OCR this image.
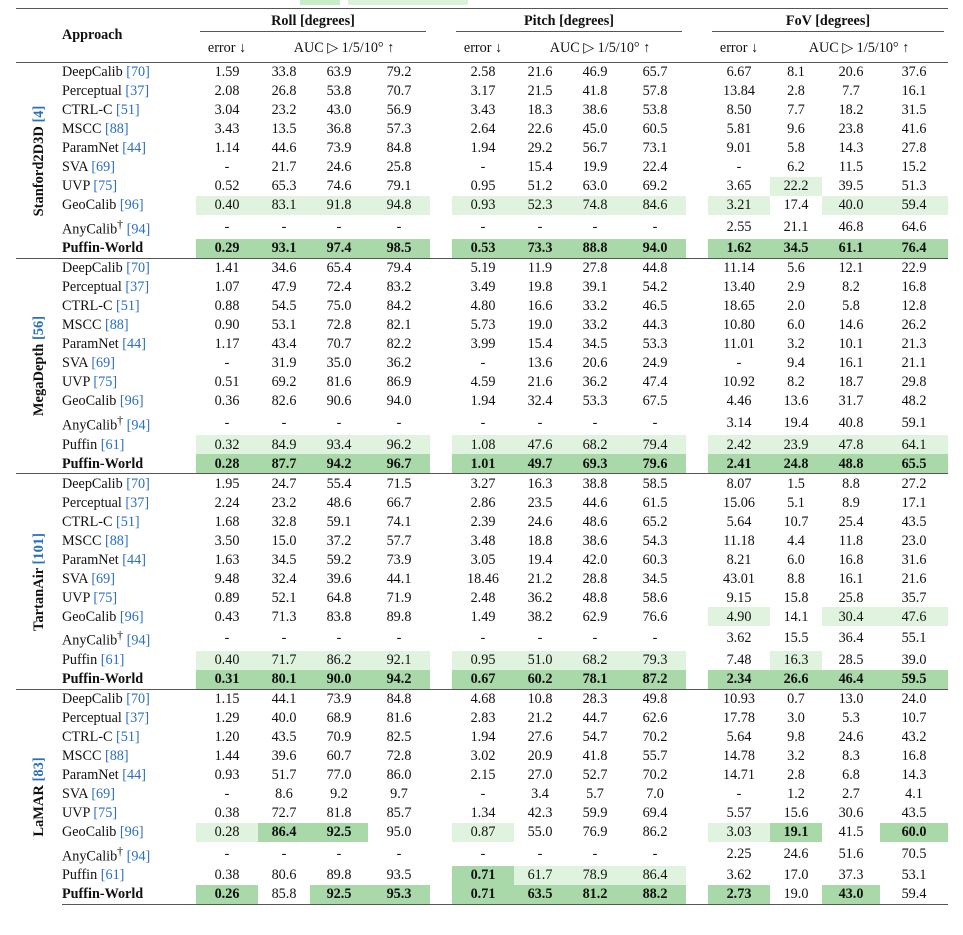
Approach		Roll [degrees]					Pitch [degrees]					FoV [degrees]			

		error ↓	AUC ▷ 1/5/10° ↑				error ↓	AUC ▷ 1/5/10° ↑				error ↓	AUC ▷ 1/5/10° ↑		

Stanford2D3D [4]	DeepCalib [70]	1.59	33.8	63.9	79.2		2.58	21.6	46.9	65.7		6.67	8.1	20.6	37.6
	Perceptual [37]	2.08	26.8	53.8	70.7		3.17	21.5	41.8	57.8		13.84	2.8	7.7	16.1
	CTRL-C [51]	3.04	23.2	43.0	56.9		3.43	18.3	38.6	53.8		8.50	7.7	18.2	31.5
	MSCC [88]	3.43	13.5	36.8	57.3		2.64	22.6	45.0	60.5		5.81	9.6	23.8	41.6
	ParamNet [44]	1.14	44.6	73.9	84.8		1.94	29.2	56.7	73.1		9.01	5.8	14.3	27.8
	SVA [69]	-	21.7	24.6	25.8		-	15.4	19.9	22.4		-	6.2	11.5	15.2
	UVP [75]	0.52	65.3	74.6	79.1		0.95	51.2	63.0	69.2		3.65	22.2	39.5	51.3
	GeoCalib [96]	0.40	83.1	91.8	94.8		0.93	52.3	74.8	84.6		3.21	17.4	40.0	59.4
	AnyCalib† [94]	-	-	-	-		-	-	-	-		2.55	21.1	46.8	64.6
	Puffin-World	0.29	93.1	97.4	98.5		0.53	73.3	88.8	94.0		1.62	34.5	61.1	76.4

MegaDepth [56]	DeepCalib [70]	1.41	34.6	65.4	79.4		5.19	11.9	27.8	44.8		11.14	5.6	12.1	22.9
	Perceptual [37]	1.07	47.9	72.4	83.2		3.49	19.8	39.1	54.2		13.40	2.9	8.2	16.8
	CTRL-C [51]	0.88	54.5	75.0	84.2		4.80	16.6	33.2	46.5		18.65	2.0	5.8	12.8
	MSCC [88]	0.90	53.1	72.8	82.1		5.73	19.0	33.2	44.3		10.80	6.0	14.6	26.2
	ParamNet [44]	1.17	43.4	70.7	82.2		3.99	15.4	34.5	53.3		11.01	3.2	10.1	21.3
	SVA [69]	-	31.9	35.0	36.2		-	13.6	20.6	24.9		-	9.4	16.1	21.1
	UVP [75]	0.51	69.2	81.6	86.9		4.59	21.6	36.2	47.4		10.92	8.2	18.7	29.8
	GeoCalib [96]	0.36	82.6	90.6	94.0		1.94	32.4	53.3	67.5		4.46	13.6	31.7	48.2
	AnyCalib† [94]	-	-	-	-		-	-	-	-		3.14	19.4	40.8	59.1
	Puffin [61]	0.32	84.9	93.4	96.2		1.08	47.6	68.2	79.4		2.42	23.9	47.8	64.1
	Puffin-World	0.28	87.7	94.2	96.7		1.01	49.7	69.3	79.6		2.41	24.8	48.8	65.5

TartanAir [101]	DeepCalib [70]	1.95	24.7	55.4	71.5		3.27	16.3	38.8	58.5		8.07	1.5	8.8	27.2
	Perceptual [37]	2.24	23.2	48.6	66.7		2.86	23.5	44.6	61.5		15.06	5.1	8.9	17.1
	CTRL-C [51]	1.68	32.8	59.1	74.1		2.39	24.6	48.6	65.2		5.64	10.7	25.4	43.5
	MSCC [88]	3.50	15.0	37.2	57.7		3.48	18.8	38.6	54.3		11.18	4.4	11.8	23.0
	ParamNet [44]	1.63	34.5	59.2	73.9		3.05	19.4	42.0	60.3		8.21	6.0	16.8	31.6
	SVA [69]	9.48	32.4	39.6	44.1		18.46	21.2	28.8	34.5		43.01	8.8	16.1	21.6
	UVP [75]	0.89	52.1	64.8	71.9		2.48	36.2	48.8	58.6		9.15	15.8	25.8	35.7
	GeoCalib [96]	0.43	71.3	83.8	89.8		1.49	38.2	62.9	76.6		4.90	14.1	30.4	47.6
	AnyCalib† [94]	-	-	-	-		-	-	-	-		3.62	15.5	36.4	55.1
	Puffin [61]	0.40	71.7	86.2	92.1		0.95	51.0	68.2	79.3		7.48	16.3	28.5	39.0
	Puffin-World	0.31	80.1	90.0	94.2		0.67	60.2	78.1	87.2		2.34	26.6	46.4	59.5

LaMAR [83]	DeepCalib [70]	1.15	44.1	73.9	84.8		4.68	10.8	28.3	49.8		10.93	0.7	13.0	24.0
	Perceptual [37]	1.29	40.0	68.9	81.6		2.83	21.2	44.7	62.6		17.78	3.0	5.3	10.7
	CTRL-C [51]	1.20	43.5	70.9	82.5		1.94	27.6	54.7	70.2		5.64	9.8	24.6	43.2
	MSCC [88]	1.44	39.6	60.7	72.8		3.02	20.9	41.8	55.7		14.78	3.2	8.3	16.8
	ParamNet [44]	0.93	51.7	77.0	86.0		2.15	27.0	52.7	70.2		14.71	2.8	6.8	14.3
	SVA [69]	-	8.6	9.2	9.7		-	3.4	5.7	7.0		-	1.2	2.7	4.1
	UVP [75]	0.38	72.7	81.8	85.7		1.34	42.3	59.9	69.4		5.57	15.6	30.6	43.5
	GeoCalib [96]	0.28	86.4	92.5	95.0		0.87	55.0	76.9	86.2		3.03	19.1	41.5	60.0
	AnyCalib† [94]	-	-	-	-		-	-	-	-		2.25	24.6	51.6	70.5
	Puffin [61]	0.38	80.6	89.8	93.5		0.71	61.7	78.9	86.4		3.62	17.0	37.3	53.1
	Puffin-World	0.26	85.8	92.5	95.3		0.71	63.5	81.2	88.2		2.73	19.0	43.0	59.4
